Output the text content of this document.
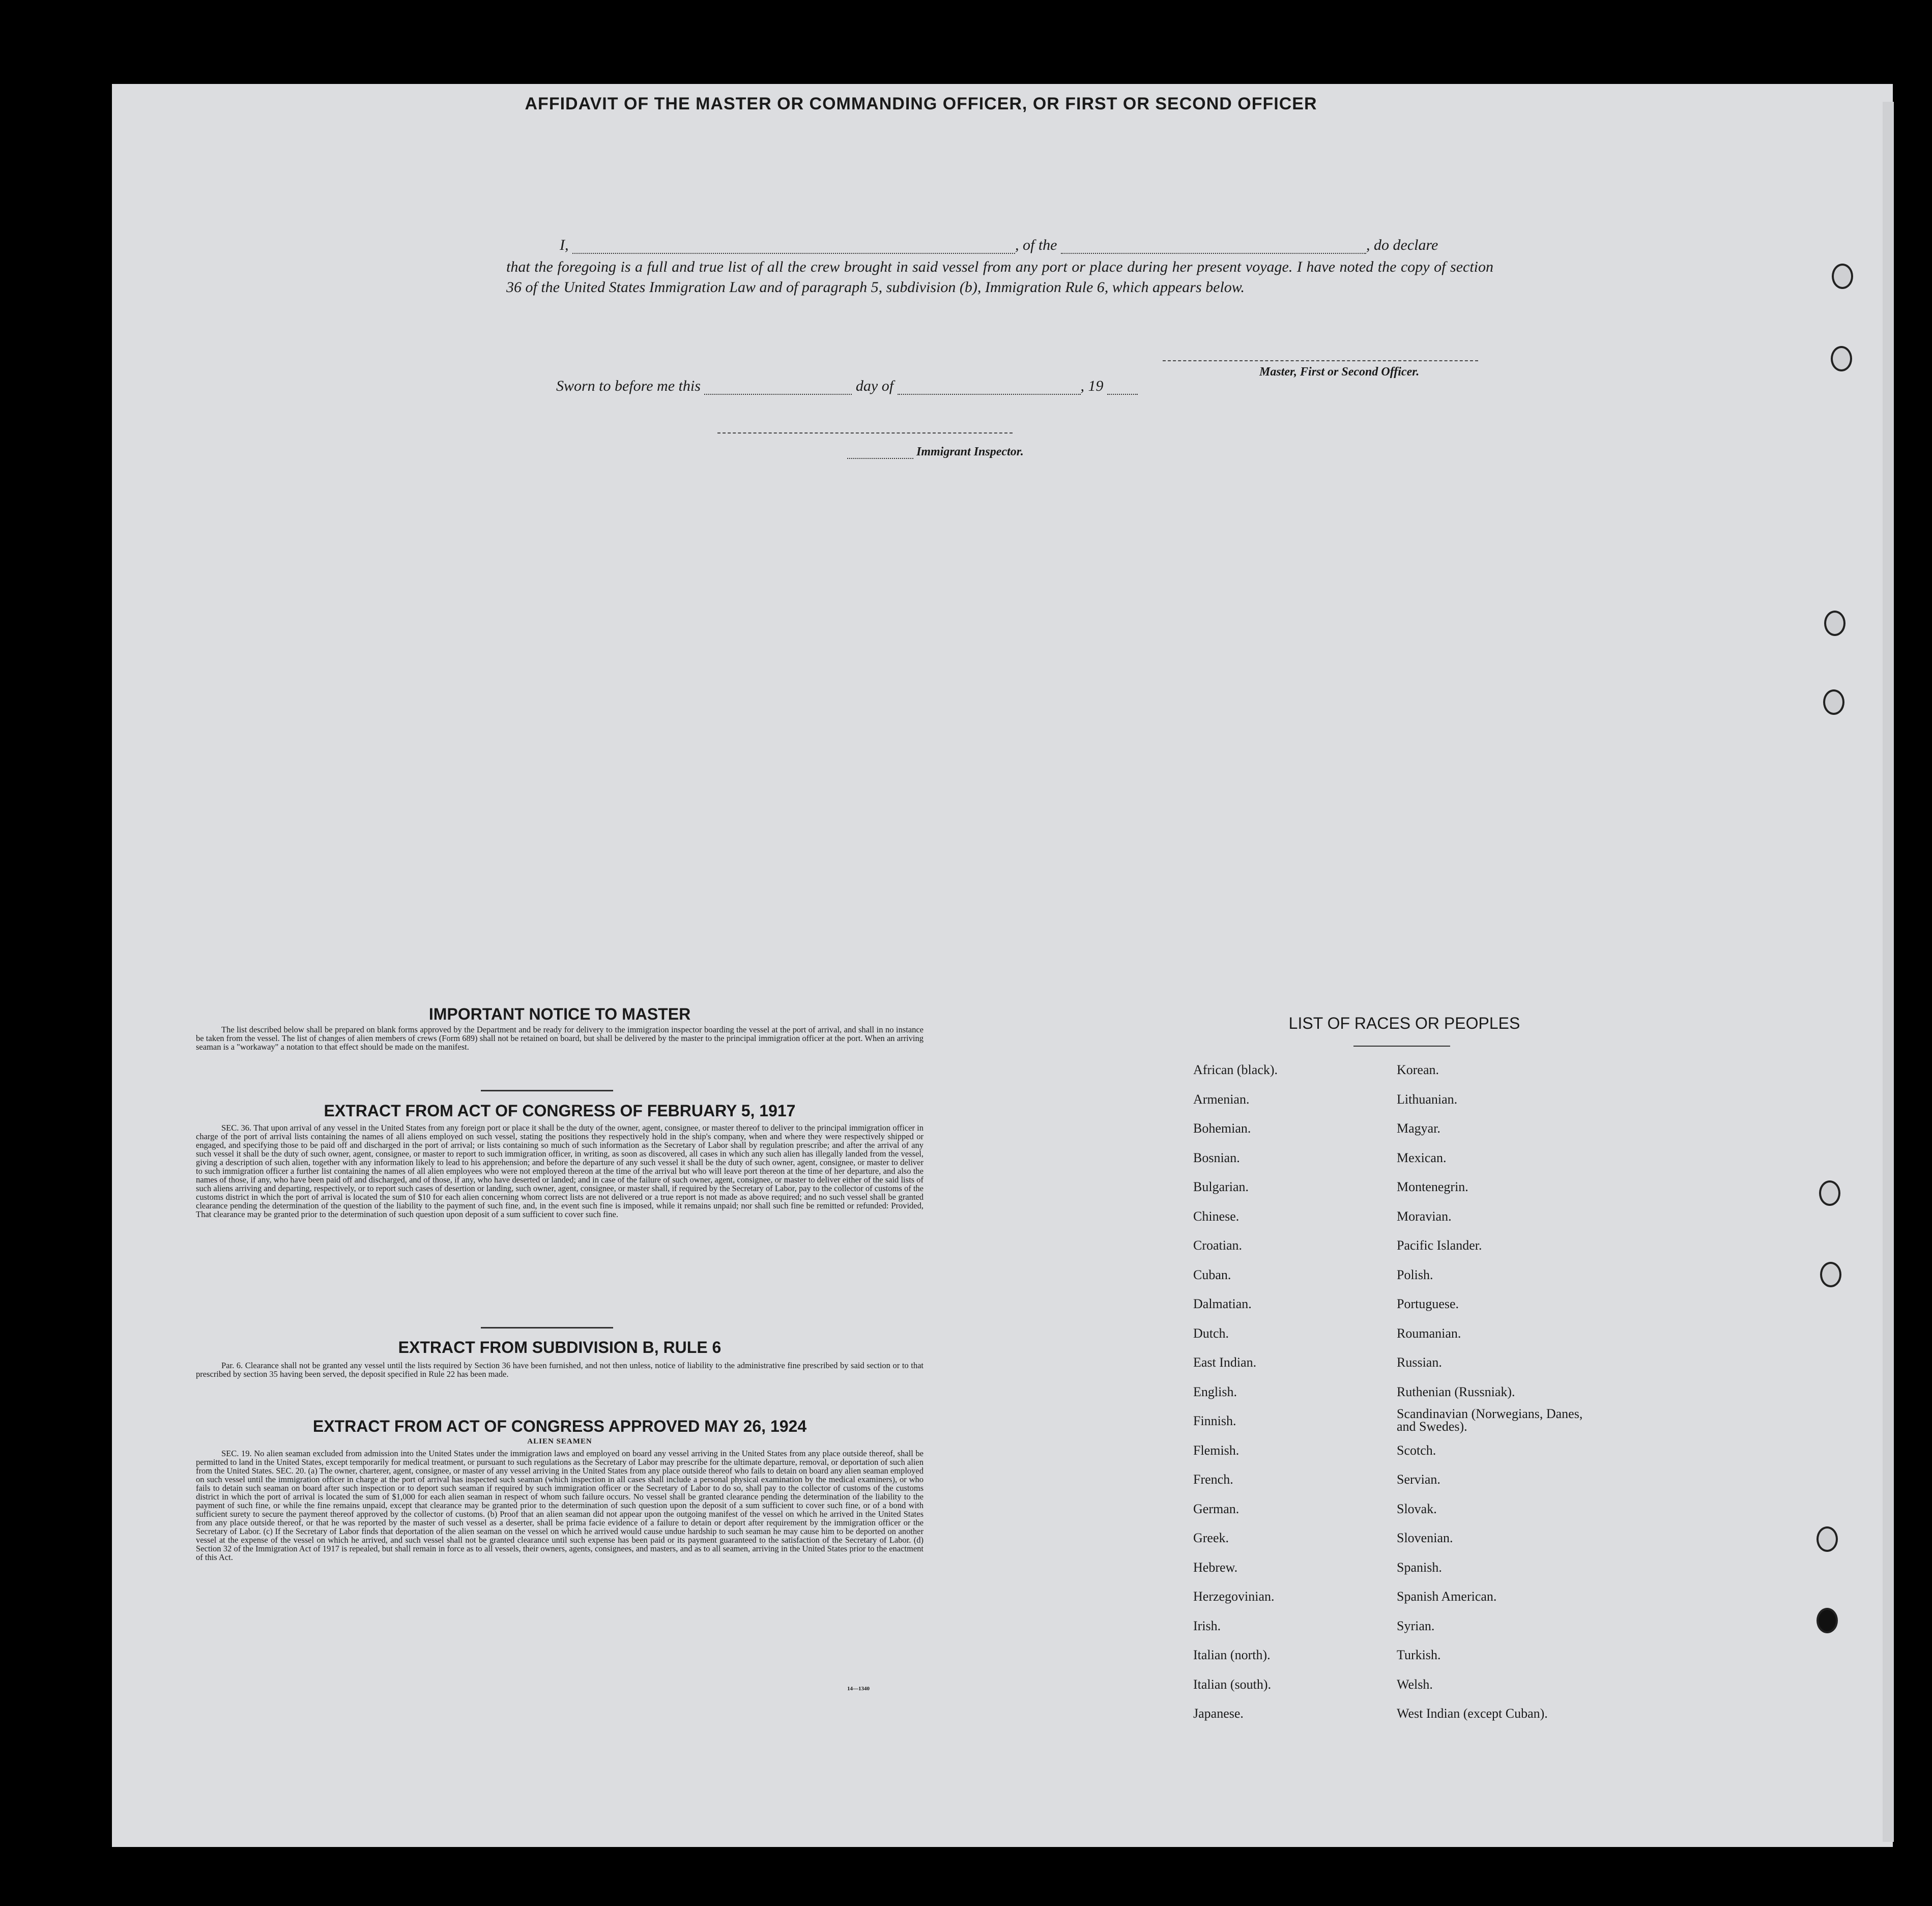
AFFIDAVIT OF THE MASTER OR COMMANDING OFFICER, OR FIRST OR SECOND OFFICER
I,	, of the	, do declare
that the foregoing is a full and true list of all the crew brought in said vessel from any port or place during her present voyage. I have noted the copy of section 36 of the United States Immigration Law and of paragraph 5, subdivision (b), Immigration Rule 6, which appears below.
Master, First or Second Officer.
Sworn to before me this	day of	, 19
Immigrant Inspector.
IMPORTANT NOTICE TO MASTER
The list described below shall be prepared on blank forms approved by the Department and be ready for delivery to the immigration inspector boarding the vessel at the port of arrival, and shall in no instance be taken from the vessel. The list of changes of alien members of crews (Form 689) shall not be retained on board, but shall be delivered by the master to the principal immigration officer at the port. When an arriving seaman is a "workaway" a notation to that effect should be made on the manifest.
EXTRACT FROM ACT OF CONGRESS OF FEBRUARY 5, 1917
SEC. 36. That upon arrival of any vessel in the United States from any foreign port or place it shall be the duty of the owner, agent, consignee, or master thereof to deliver to the principal immigration officer in charge of the port of arrival lists containing the names of all aliens employed on such vessel, stating the positions they respectively hold in the ship's company, when and where they were respectively shipped or engaged, and specifying those to be paid off and discharged in the port of arrival; or lists containing so much of such information as the Secretary of Labor shall by regulation prescribe; and after the arrival of any such vessel it shall be the duty of such owner, agent, consignee, or master to report to such immigration officer, in writing, as soon as discovered, all cases in which any such alien has illegally landed from the vessel, giving a description of such alien, together with any information likely to lead to his apprehension; and before the departure of any such vessel it shall be the duty of such owner, agent, consignee, or master to deliver to such immigration officer a further list containing the names of all alien employees who were not employed thereon at the time of the arrival but who will leave port thereon at the time of her departure, and also the names of those, if any, who have been paid off and discharged, and of those, if any, who have deserted or landed; and in case of the failure of such owner, agent, consignee, or master to deliver either of the said lists of such aliens arriving and departing, respectively, or to report such cases of desertion or landing, such owner, agent, consignee, or master shall, if required by the Secretary of Labor, pay to the collector of customs of the customs district in which the port of arrival is located the sum of $10 for each alien concerning whom correct lists are not delivered or a true report is not made as above required; and no such vessel shall be granted clearance pending the determination of the question of the liability to the payment of such fine, and, in the event such fine is imposed, while it remains unpaid; nor shall such fine be remitted or refunded: Provided, That clearance may be granted prior to the determination of such question upon deposit of a sum sufficient to cover such fine.
EXTRACT FROM SUBDIVISION B, RULE 6
Par. 6. Clearance shall not be granted any vessel until the lists required by Section 36 have been furnished, and not then unless, notice of liability to the administrative fine prescribed by said section or to that prescribed by section 35 having been served, the deposit specified in Rule 22 has been made.
EXTRACT FROM ACT OF CONGRESS APPROVED MAY 26, 1924
ALIEN SEAMEN
SEC. 19. No alien seaman excluded from admission into the United States under the immigration laws and employed on board any vessel arriving in the United States from any place outside thereof, shall be permitted to land in the United States, except temporarily for medical treatment, or pursuant to such regulations as the Secretary of Labor may prescribe for the ultimate departure, removal, or deportation of such alien from the United States. SEC. 20. (a) The owner, charterer, agent, consignee, or master of any vessel arriving in the United States from any place outside thereof who fails to detain on board any alien seaman employed on such vessel until the immigration officer in charge at the port of arrival has inspected such seaman (which inspection in all cases shall include a personal physical examination by the medical examiners), or who fails to detain such seaman on board after such inspection or to deport such seaman if required by such immigration officer or the Secretary of Labor to do so, shall pay to the collector of customs of the customs district in which the port of arrival is located the sum of $1,000 for each alien seaman in respect of whom such failure occurs. No vessel shall be granted clearance pending the determination of the liability to the payment of such fine, or while the fine remains unpaid, except that clearance may be granted prior to the determination of such question upon the deposit of a sum sufficient to cover such fine, or of a bond with sufficient surety to secure the payment thereof approved by the collector of customs. (b) Proof that an alien seaman did not appear upon the outgoing manifest of the vessel on which he arrived in the United States from any place outside thereof, or that he was reported by the master of such vessel as a deserter, shall be prima facie evidence of a failure to detain or deport after requirement by the immigration officer or the Secretary of Labor. (c) If the Secretary of Labor finds that deportation of the alien seaman on the vessel on which he arrived would cause undue hardship to such seaman he may cause him to be deported on another vessel at the expense of the vessel on which he arrived, and such vessel shall not be granted clearance until such expense has been paid or its payment guaranteed to the satisfaction of the Secretary of Labor. (d) Section 32 of the Immigration Act of 1917 is repealed, but shall remain in force as to all vessels, their owners, agents, consignees, and masters, and as to all seamen, arriving in the United States prior to the enactment of this Act.
14—1340
LIST OF RACES OR PEOPLES
African (black).
Armenian.
Bohemian.
Bosnian.
Bulgarian.
Chinese.
Croatian.
Cuban.
Dalmatian.
Dutch.
East Indian.
English.
Finnish.
Flemish.
French.
German.
Greek.
Hebrew.
Herzegovinian.
Irish.
Italian (north).
Italian (south).
Japanese.
Korean.
Lithuanian.
Magyar.
Mexican.
Montenegrin.
Moravian.
Pacific Islander.
Polish.
Portuguese.
Roumanian.
Russian.
Ruthenian (Russniak).
Scandinavian (Norwegians, Danes, and Swedes).
Scotch.
Servian.
Slovak.
Slovenian.
Spanish.
Spanish American.
Syrian.
Turkish.
Welsh.
West Indian (except Cuban).
